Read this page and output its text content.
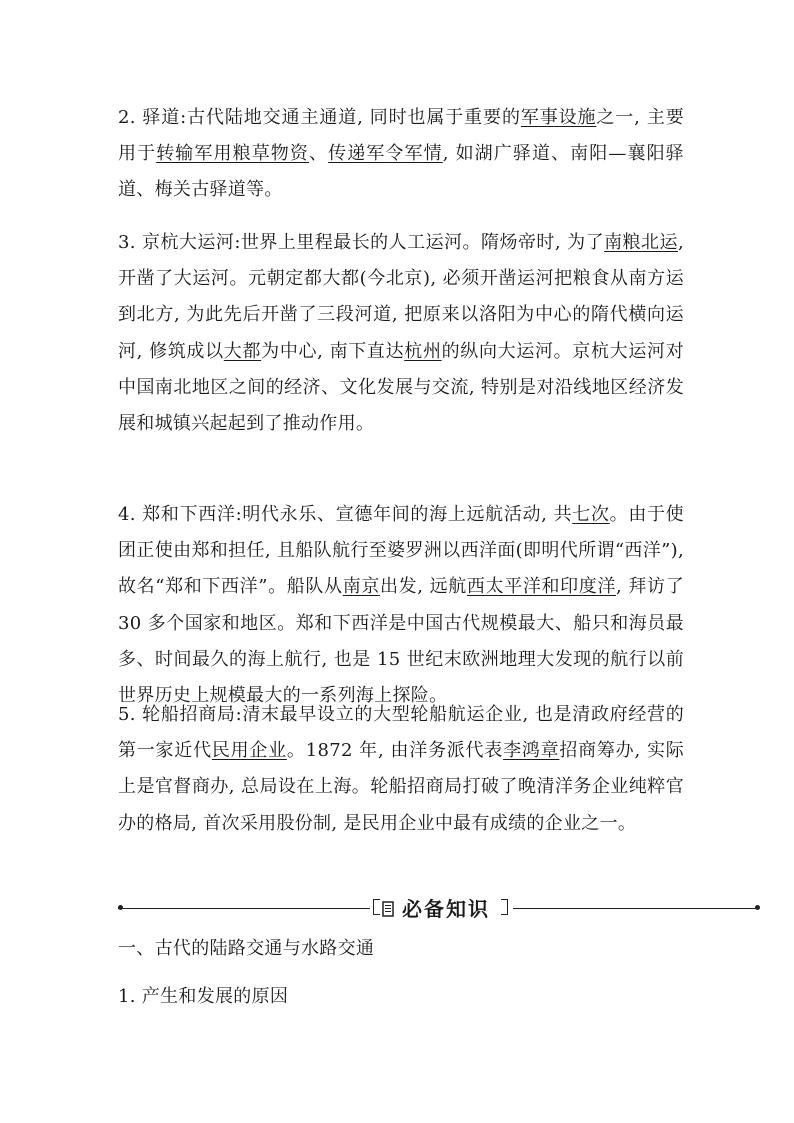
2. 驿道:古代陆地交通主通道, 同时也属于重要的军事设施之一, 主要用于转输军用粮草物资、传递军令军情, 如湖广驿道、南阳—襄阳驿道、梅关古驿道等。

3. 京杭大运河:世界上里程最长的人工运河。隋炀帝时, 为了南粮北运, 开凿了大运河。元朝定都大都(今北京), 必须开凿运河把粮食从南方运到北方, 为此先后开凿了三段河道, 把原来以洛阳为中心的隋代横向运河, 修筑成以大都为中心, 南下直达杭州的纵向大运河。京杭大运河对中国南北地区之间的经济、文化发展与交流, 特别是对沿线地区经济发展和城镇兴起起到了推动作用。

4. 郑和下西洋:明代永乐、宣德年间的海上远航活动, 共七次。由于使团正使由郑和担任, 且船队航行至婆罗洲以西洋面(即明代所谓“西洋”), 故名“郑和下西洋”。船队从南京出发, 远航西太平洋和印度洋, 拜访了 30 多个国家和地区。郑和下西洋是中国古代规模最大、船只和海员最多、时间最久的海上航行, 也是 15 世纪末欧洲地理大发现的航行以前世界历史上规模最大的一系列海上探险。

5. 轮船招商局:清末最早设立的大型轮船航运企业, 也是清政府经营的第一家近代民用企业。1872 年, 由洋务派代表李鸿章招商筹办, 实际上是官督商办, 总局设在上海。轮船招商局打破了晚清洋务企业纯粹官办的格局, 首次采用股份制, 是民用企业中最有成绩的企业之一。

必备知识

一、古代的陆路交通与水路交通

1. 产生和发展的原因
